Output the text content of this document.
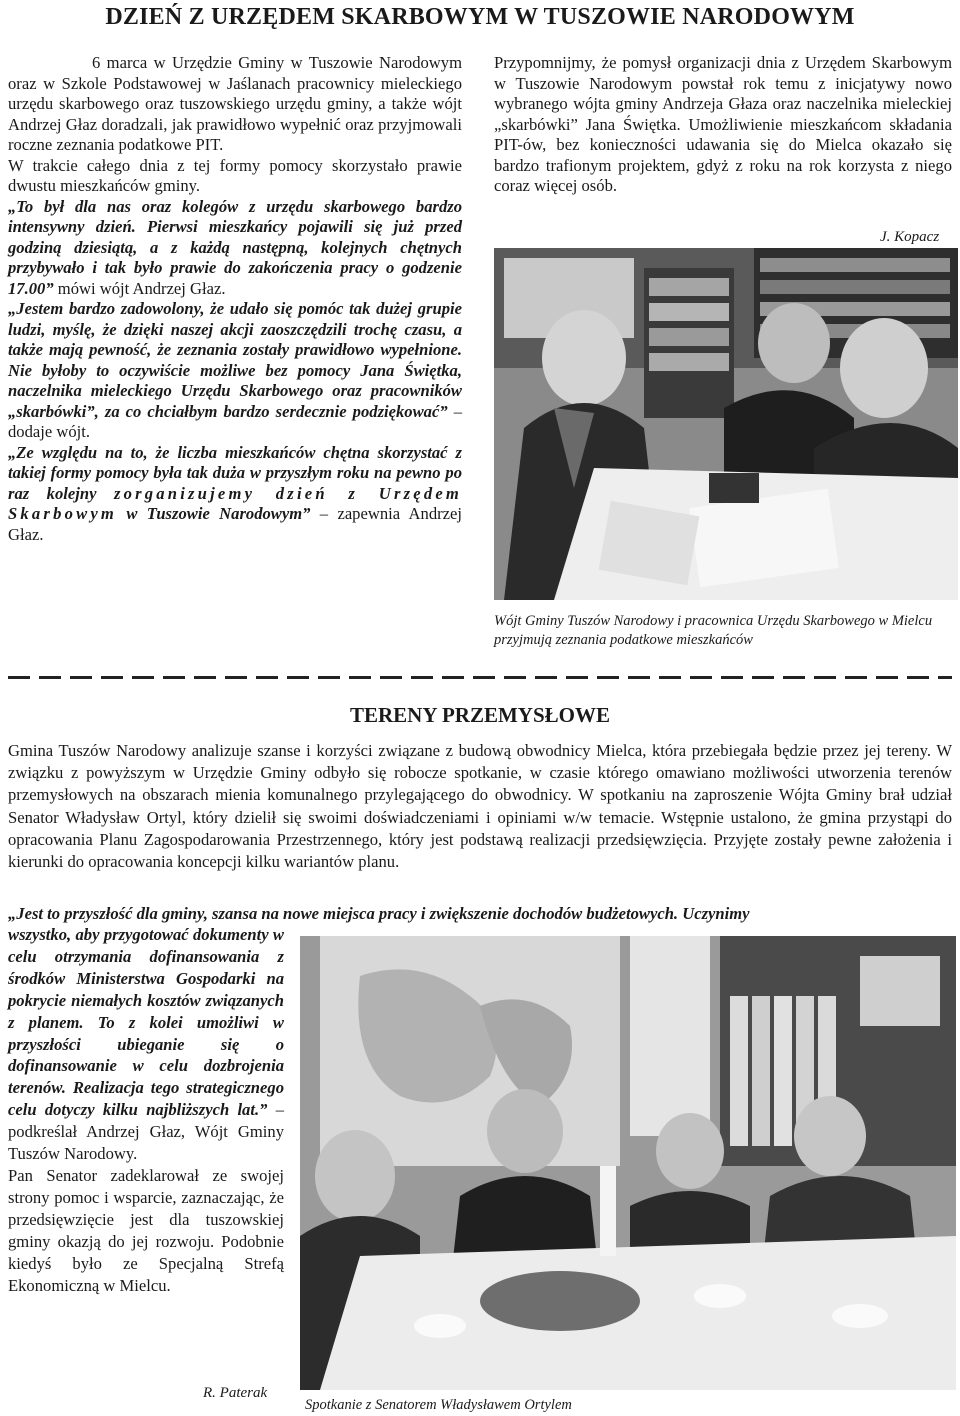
DZIEŃ Z URZĘDEM SKARBOWYM W TUSZOWIE NARODOWYM

6 marca w Urzędzie Gminy w Tuszowie Narodowym oraz w Szkole Podstawowej w Jaślanach pracownicy mieleckiego urzędu skarbowego oraz tuszowskiego urzędu gminy, a także wójt Andrzej Głaz doradzali, jak prawidłowo wypełnić oraz przyjmowali roczne zeznania podatkowe PIT.

W trakcie całego dnia z tej formy pomocy skorzystało prawie dwustu mieszkańców gminy.

„To był dla nas oraz kolegów z urzędu skarbowego bardzo intensywny dzień. Pierwsi mieszkańcy pojawili się już przed godziną dziesiątą, a z każdą następną, kolejnych chętnych przybywało i tak było prawie do zakończenia pracy o godzenie 17.00” mówi wójt Andrzej Głaz.

„Jestem bardzo zadowolony, że udało się pomóc tak dużej grupie ludzi, myślę, że dzięki naszej akcji zaoszczędzili trochę czasu, a także mają pewność, że zeznania zostały prawidłowo wypełnione. Nie byłoby to oczywiście możliwe bez pomocy Jana Świętka, naczelnika mieleckiego Urzędu Skarbowego oraz pracowników „skarbówki”, za co chciałbym bardzo serdecznie podziękować” – dodaje wójt.

„Ze względu na to, że liczba mieszkańców chętna skorzystać z takiej formy pomocy była tak duża w przyszłym roku na pewno po raz kolejny zorganizujemy dzień z Urzędem Skarbowym w Tuszowie Narodowym” – zapewnia Andrzej Głaz.

Przypomnijmy, że pomysł organizacji dnia z Urzędem Skarbowym w Tuszowie Narodowym powstał rok temu z inicjatywy nowo wybranego wójta gminy Andrzeja Głaza oraz naczelnika mieleckiej „skarbówki” Jana Świętka. Umożliwienie mieszkańcom składania PIT-ów, bez konieczności udawania się do Mielca okazało się bardzo trafionym projektem, gdyż z roku na rok korzysta z niego coraz więcej osób.

J. Kopacz
Wójt Gminy Tuszów Narodowy i pracownica Urzędu Skarbowego w Mielcu przyjmują zeznania podatkowe mieszkańców
TERENY PRZEMYSŁOWE
Gmina Tuszów Narodowy analizuje szanse i korzyści związane z budową obwodnicy Mielca, która przebiegała będzie przez jej tereny. W związku z powyższym w Urzędzie Gminy odbyło się robocze spotkanie, w czasie którego omawiano możliwości utworzenia terenów przemysłowych na obszarach mienia komunalnego przylegającego do obwodnicy. W spotkaniu na zaproszenie Wójta Gminy brał udział Senator Władysław Ortyl, który dzielił się swoimi doświadczeniami i opiniami w/w temacie. Wstępnie ustalono, że gmina przystąpi do opracowania Planu Zagospodarowania Przestrzennego, który jest podstawą realizacji przedsięwzięcia. Przyjęte zostały pewne założenia i kierunki do opracowania koncepcji kilku wariantów planu.
„Jest to przyszłość dla gminy, szansa na nowe miejsca pracy i zwiększenie dochodów budżetowych. Uczynimy

wszystko, aby przygotować dokumenty w celu otrzymania dofinansowania z środków Ministerstwa Gospodarki na pokrycie niemałych kosztów związanych z planem. To z kolei umożliwi w przyszłości ubieganie się o dofinansowanie w celu dozbrojenia terenów. Realizacja tego strategicznego celu dotyczy kilku najbliższych lat.” – podkreślał Andrzej Głaz, Wójt Gminy Tuszów Narodowy.

Pan Senator zadeklarował ze swojej strony pomoc i wsparcie, zaznaczając, że przedsięwzięcie jest dla tuszowskiej gminy okazją do jej rozwoju. Podobnie kiedyś było ze Specjalną Strefą Ekonomiczną w Mielcu.

R. Paterak
Spotkanie z Senatorem Władysławem Ortylem
